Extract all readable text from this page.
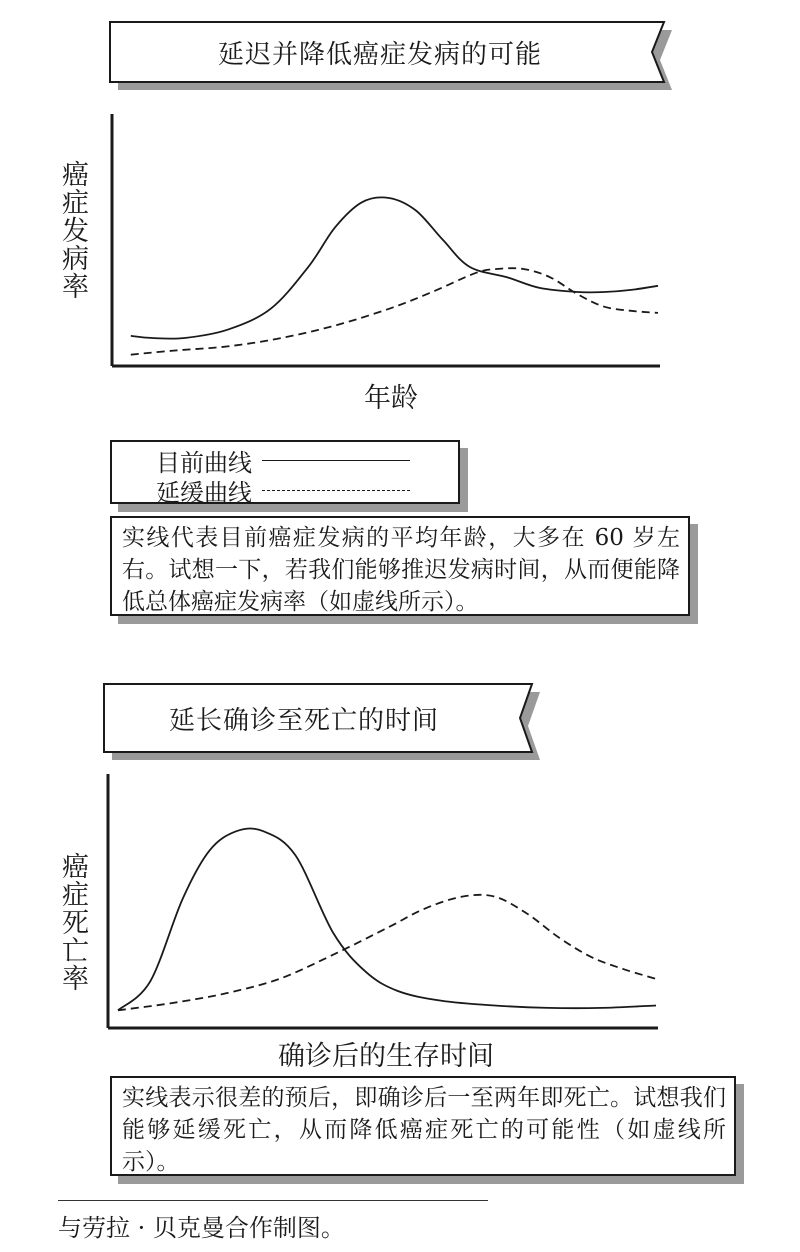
延迟并降低癌症发病的可能
癌症发病率
年龄
目前曲线
延缓曲线
实线代表目前癌症发病的平均年龄，大多在 60 岁左右。试想一下，若我们能够推迟发病时间，从而便能降低总体癌症发病率（如虚线所示）。
延长确诊至死亡的时间
癌症死亡率
确诊后的生存时间
实线表示很差的预后，即确诊后一至两年即死亡。试想我们能够延缓死亡，从而降低癌症死亡的可能性（如虚线所示）。
与劳拉 · 贝克曼合作制图。
